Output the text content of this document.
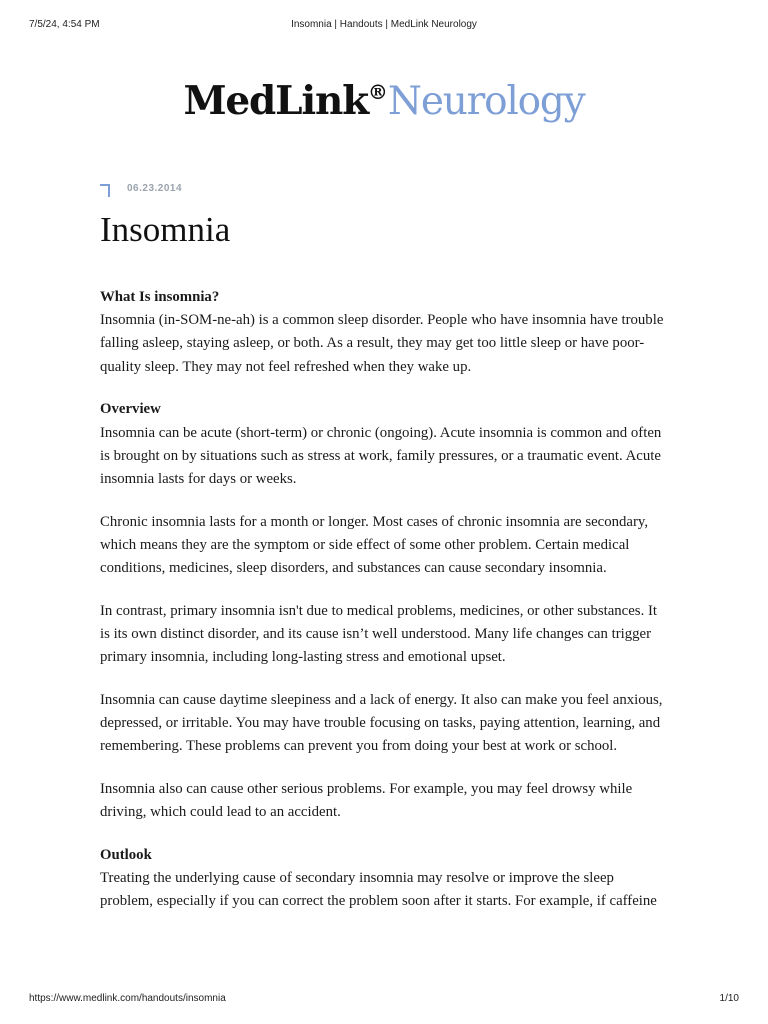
7/5/24, 4:54 PM	Insomnia | Handouts | MedLink Neurology
MedLink®Neurology
06.23.2014
Insomnia

What Is insomnia?

Insomnia (in-SOM-ne-ah) is a common sleep disorder. People who have insomnia have trouble falling asleep, staying asleep, or both. As a result, they may get too little sleep or have poor-quality sleep. They may not feel refreshed when they wake up.

Overview

Insomnia can be acute (short-term) or chronic (ongoing). Acute insomnia is common and often is brought on by situations such as stress at work, family pressures, or a traumatic event. Acute insomnia lasts for days or weeks.

Chronic insomnia lasts for a month or longer. Most cases of chronic insomnia are secondary, which means they are the symptom or side effect of some other problem. Certain medical conditions, medicines, sleep disorders, and substances can cause secondary insomnia.

In contrast, primary insomnia isn't due to medical problems, medicines, or other substances. It is its own distinct disorder, and its cause isn’t well understood. Many life changes can trigger primary insomnia, including long-lasting stress and emotional upset.

Insomnia can cause daytime sleepiness and a lack of energy. It also can make you feel anxious, depressed, or irritable. You may have trouble focusing on tasks, paying attention, learning, and remembering. These problems can prevent you from doing your best at work or school.

Insomnia also can cause other serious problems. For example, you may feel drowsy while driving, which could lead to an accident.

Outlook

Treating the underlying cause of secondary insomnia may resolve or improve the sleep problem, especially if you can correct the problem soon after it starts. For example, if caffeine

https://www.medlink.com/handouts/insomnia	1/10
